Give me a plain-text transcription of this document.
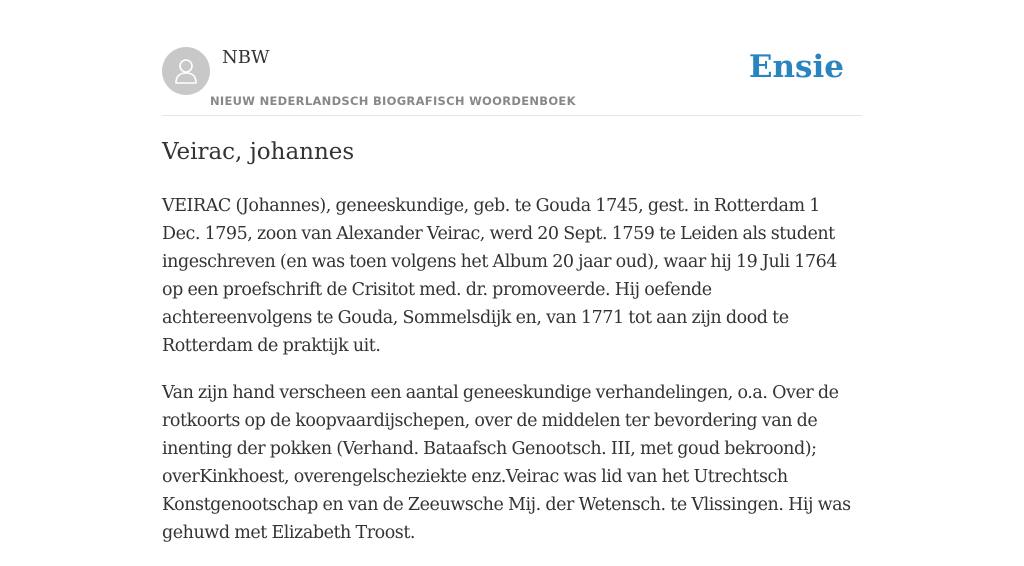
NBW
NIEUW NEDERLANDSCH BIOGRAFISCH WOORDENBOEK
Ensie
Veirac, johannes

VEIRAC (Johannes), geneeskundige, geb. te Gouda 1745, gest. in Rotterdam 1 Dec. 1795, zoon van Alexander Veirac, werd 20 Sept. 1759 te Leiden als student ingeschreven (en was toen volgens het Album 20 jaar oud), waar hij 19 Juli 1764 op een proefschrift de Crisitot med. dr. promoveerde. Hij oefende achtereenvolgens te Gouda, Sommelsdijk en, van 1771 tot aan zijn dood te Rotterdam de praktijk uit.

Van zijn hand verscheen een aantal geneeskundige verhandelingen, o.a. Over de rotkoorts op de koopvaardijschepen, over de middelen ter bevordering van de inenting der pokken (Verhand. Bataafsch Genootsch. III, met goud bekroond); overKinkhoest, overengelscheziekte enz.Veirac was lid van het Utrechtsch Konstgenootschap en van de Zeeuwsche Mij. der Wetensch. te Vlissingen. Hij was gehuwd met Elizabeth Troost.
